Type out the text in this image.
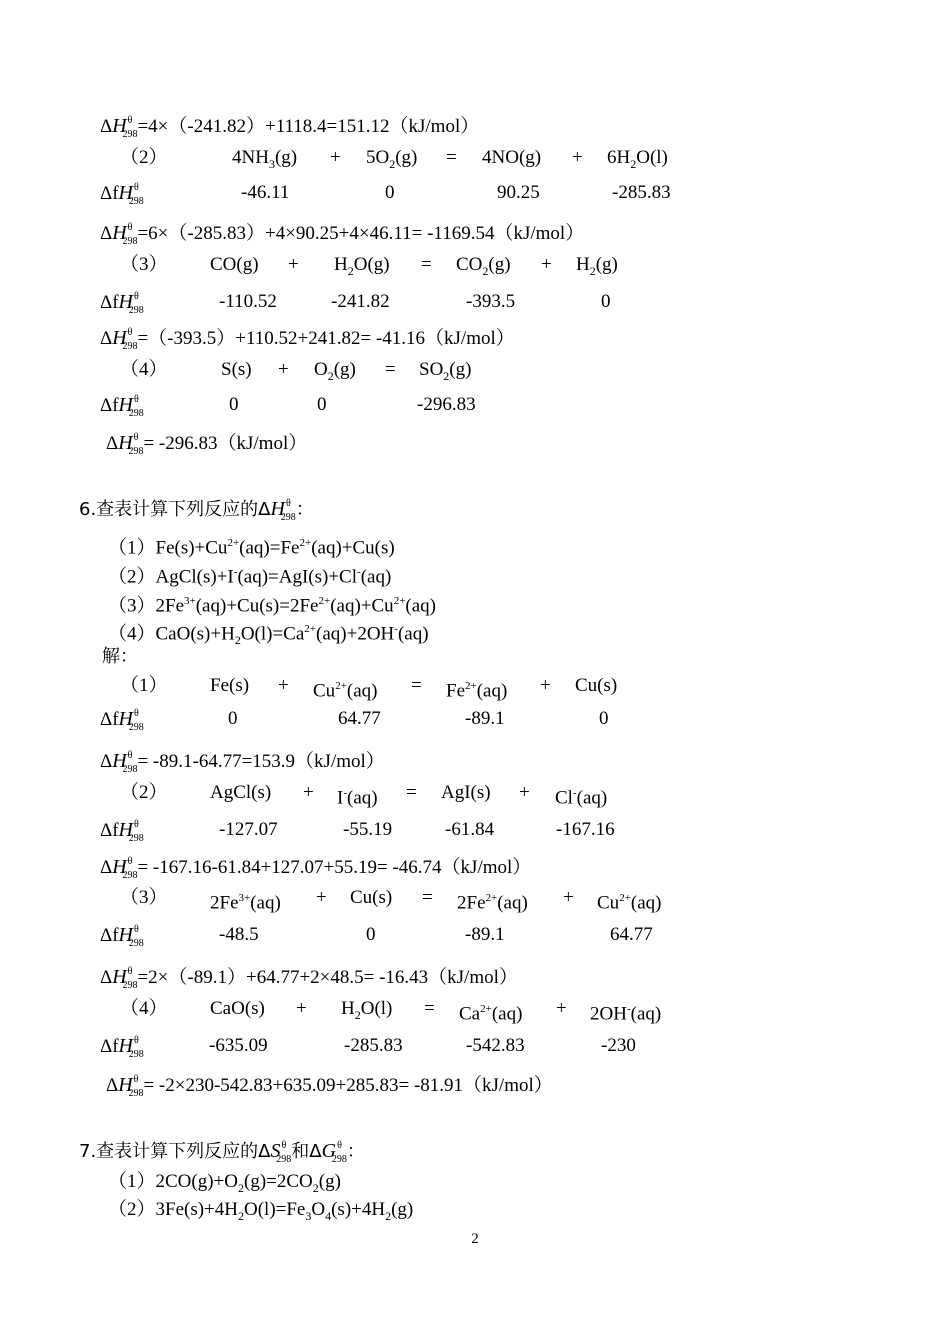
$\Delta H^\theta_{298}=4\times(-241.82)+1118.4=151.12(kJ/mol)$
（2）	$4NH_3(g) + 5O_2(g) = 4NO(g) + 6H_2O(l)$
ΔfH$^\theta_{298}$	-46.11	0	90.25	-285.83
$\Delta H^\theta_{298}=6\times(-285.83)+4\times 90.25+4\times 46.11= -1169.54(kJ/mol)$
（3） $CO(g) + H_2O(g) = CO_2(g) + H_2(g)$
ΔfH$^\theta_{298}$	-110.52	-241.82	-393.5	0
$\Delta H^\theta_{298}=(-393.5)+110.52+241.82= -41.16(kJ/mol)$
（4）	$S(s) + O_2(g) = SO_2(g)$
ΔfH$^\theta_{298}$	0	0	-296.83
$\Delta H^\theta_{298}= -296.83(kJ/mol)$
6.查表计算下列反应的$\Delta H^\theta_{298}$：
$(1)Fe(s)+Cu^{2+}(aq)=Fe^{2+}(aq)+Cu(s)$
（2）AgCl(s)+I-(aq)=AgI(s)+Cl-(aq)
$(3)2Fe^{3+}(aq)+Cu(s)=2Fe^{2+}(aq)+Cu^{2+}(aq)$
$(4)CaO(s)+H_2O(l)=Ca^{2+}(aq)+2OH^-(aq)$
解：
（1） $Fe(s) + Cu^{2+}(aq) = Fe^{2+}(aq) + Cu(s)$
ΔfH$^\theta_{298}$	0	64.77	-89.1	0
$\Delta H^\theta_{298}= -89.1-64.77=153.9(kJ/mol)$
（2） AgCl(s) + I-(aq) = AgI(s) + Cl-(aq)
ΔfH$^\theta_{298}$	-127.07	-55.19	-61.84	-167.16
$\Delta H^\theta_{298}= -167.16-61.84+127.07+55.19= -46.74(kJ/mol)$
（3） $2Fe^{3+}(aq) + Cu(s) = 2Fe^{2+}(aq) + Cu^{2+}(aq)$
ΔfH$^\theta_{298}$	-48.5	0	-89.1	64.77
$\Delta H^\theta_{298}=2\times(-89.1)+64.77+2\times 48.5= -16.43(kJ/mol)$
（4） $CaO(s) + H_2O(l) = Ca^{2+}(aq) + 2OH^-(aq)$
ΔfH$^\theta_{298}$	-635.09	-285.83	-542.83	-230
$\Delta H^\theta_{298}= -2\times 230-542.83+635.09+285.83= -81.91(kJ/mol)$
7.查表计算下列反应的$\Delta S^\theta_{298}$和$\Delta G^\theta_{298}$：
$(1)2CO(g)+O_2(g)=2CO_2(g)$
$(2)3Fe(s)+4H_2O(l)=Fe_3O_4(s)+4H_2(g)$
2
